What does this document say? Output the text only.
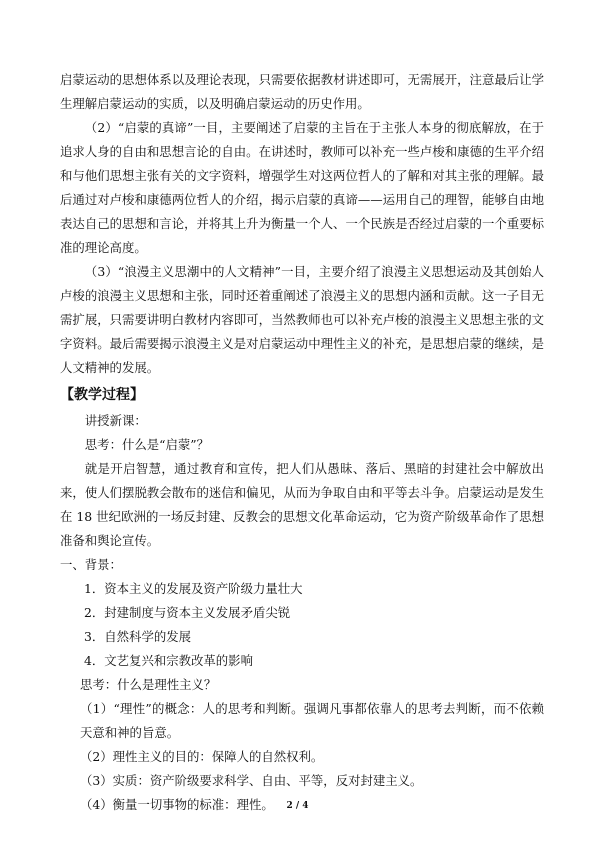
启蒙运动的思想体系以及理论表现，只需要依据教材讲述即可，无需展开，注意最后让学生理解启蒙运动的实质，以及明确启蒙运动的历史作用。

（2）“启蒙的真谛”一目，主要阐述了启蒙的主旨在于主张人本身的彻底解放，在于追求人身的自由和思想言论的自由。在讲述时，教师可以补充一些卢梭和康德的生平介绍和与他们思想主张有关的文字资料，增强学生对这两位哲人的了解和对其主张的理解。最后通过对卢梭和康德两位哲人的介绍，揭示启蒙的真谛——运用自己的理智，能够自由地表达自己的思想和言论，并将其上升为衡量一个人、一个民族是否经过启蒙的一个重要标准的理论高度。

（3）“浪漫主义思潮中的人文精神”一目，主要介绍了浪漫主义思想运动及其创始人卢梭的浪漫主义思想和主张，同时还着重阐述了浪漫主义的思想内涵和贡献。这一子目无需扩展，只需要讲明白教材内容即可，当然教师也可以补充卢梭的浪漫主义思想主张的文字资料。最后需要揭示浪漫主义是对启蒙运动中理性主义的补充，是思想启蒙的继续，是人文精神的发展。

【教学过程】

讲授新课：

思考：什么是“启蒙”？

就是开启智慧，通过教育和宣传，把人们从愚昧、落后、黑暗的封建社会中解放出来，使人们摆脱教会散布的迷信和偏见，从而为争取自由和平等去斗争。启蒙运动是发生在 18 世纪欧洲的一场反封建、反教会的思想文化革命运动，它为资产阶级革命作了思想准备和舆论宣传。

一、背景：

1．资本主义的发展及资产阶级力量壮大

2．封建制度与资本主义发展矛盾尖锐

3．自然科学的发展

4．文艺复兴和宗教改革的影响

思考：什么是理性主义？

（1）“理性”的概念：人的思考和判断。强调凡事都依靠人的思考去判断，而不依赖天意和神的旨意。

（2）理性主义的目的：保障人的自然权利。

（3）实质：资产阶级要求科学、自由、平等，反对封建主义。

（4）衡量一切事物的标准：理性。	2 / 4
